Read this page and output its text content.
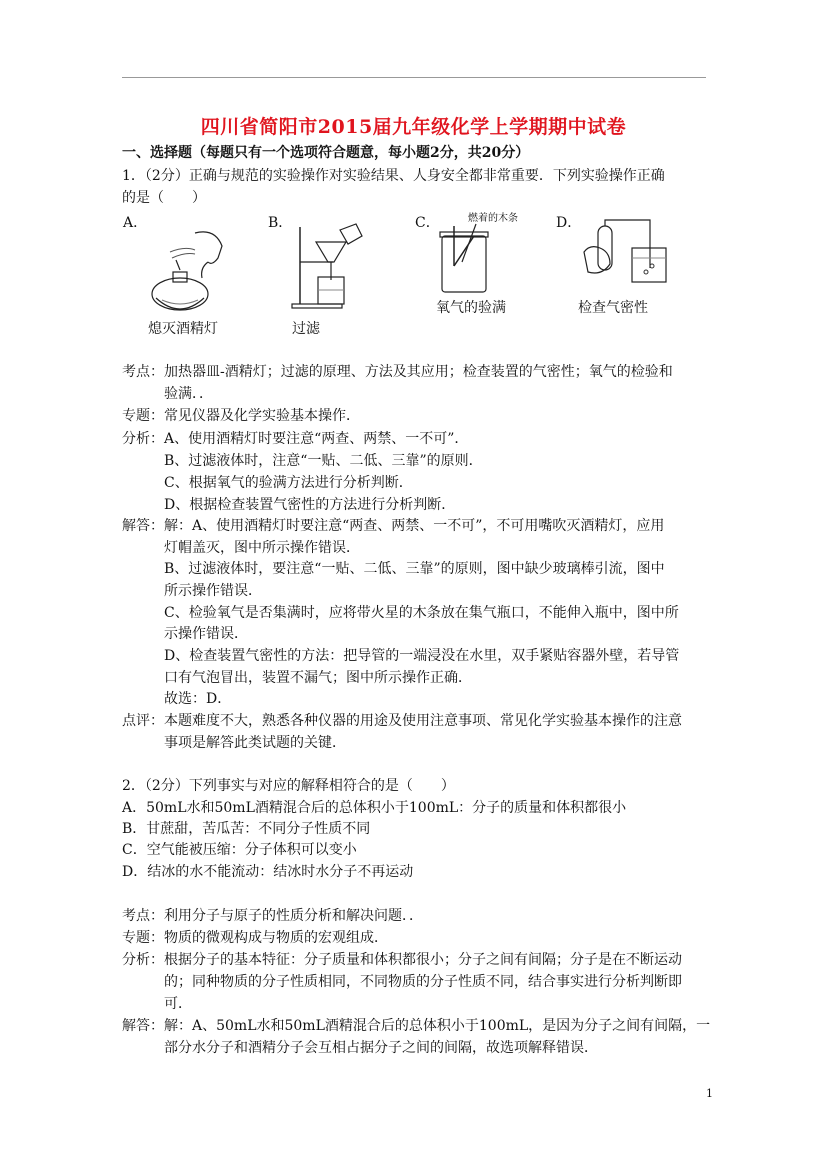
四川省简阳市2015届九年级化学上学期期中试卷
一、选择题（每题只有一个选项符合题意，每小题2分，共20分）
1．（2分）正确与规范的实验操作对实验结果、人身安全都非常重要．下列实验操作正确
的是（　　）
A．	B．	C．	D．
熄灭酒精灯	过滤
燃着的木条
氧气的验满	检查气密性
考点：加热器皿-酒精灯；过滤的原理、方法及其应用；检查装置的气密性；氧气的检验和
　　　验满．．
专题：常见仪器及化学实验基本操作．
分析：A、使用酒精灯时要注意“两查、两禁、一不可”．
　　　B、过滤液体时，注意“一贴、二低、三靠”的原则．
　　　C、根据氧气的验满方法进行分析判断．
　　　D、根据检查装置气密性的方法进行分析判断．
解答：解：A、使用酒精灯时要注意“两查、两禁、一不可”，不可用嘴吹灭酒精灯，应用
　　　灯帽盖灭，图中所示操作错误．
　　　B、过滤液体时，要注意“一贴、二低、三靠”的原则，图中缺少玻璃棒引流，图中
　　　所示操作错误．
　　　C、检验氧气是否集满时，应将带火星的木条放在集气瓶口，不能伸入瓶中，图中所
　　　示操作错误．
　　　D、检查装置气密性的方法：把导管的一端浸没在水里，双手紧贴容器外壁，若导管
　　　口有气泡冒出，装置不漏气；图中所示操作正确．
　　　故选：D．
点评：本题难度不大，熟悉各种仪器的用途及使用注意事项、常见化学实验基本操作的注意
　　　事项是解答此类试题的关键．
2．（2分）下列事实与对应的解释相符合的是（　　）
A．50mL水和50mL酒精混合后的总体积小于100mL：分子的质量和体积都很小
B．甘蔗甜，苦瓜苦：不同分子性质不同
C．空气能被压缩：分子体积可以变小
D．结冰的水不能流动：结冰时水分子不再运动
考点：利用分子与原子的性质分析和解决问题．．
专题：物质的微观构成与物质的宏观组成．
分析：根据分子的基本特征：分子质量和体积都很小；分子之间有间隔；分子是在不断运动
　　　的；同种物质的分子性质相同，不同物质的分子性质不同，结合事实进行分析判断即
　　　可．
解答：解：A、50mL水和50mL酒精混合后的总体积小于100mL，是因为分子之间有间隔，一
　　　部分水分子和酒精分子会互相占据分子之间的间隔，故选项解释错误．
1
